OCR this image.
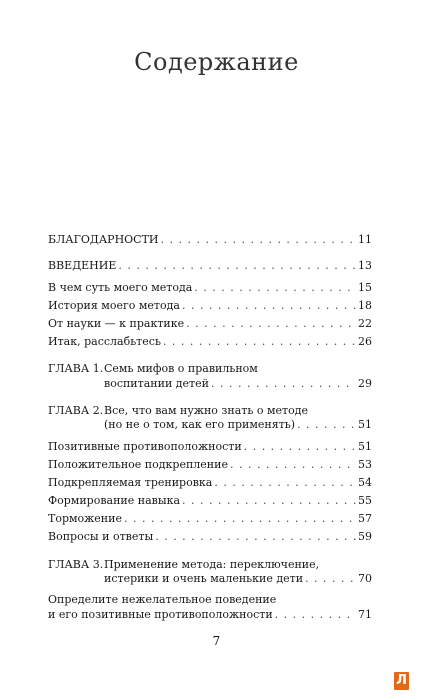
Содержание
БЛАГОДАРНОСТИ . . .	11
ВВЕДЕНИЕ . . .	13
В чем суть моего метода . . .	15
История моего метода . . .	18
От науки — к практике . . .	22
Итак, расслабьтесь . . .	26
ГЛАВА 1. Семь мифов о правильном
воспитании детей . . .	29
ГЛАВА 2. Все, что вам нужно знать о методе
(но не о том, как его применять) . . .	51
Позитивные противоположности . . .	51
Положительное подкрепление . . .	53
Подкрепляемая тренировка . . .	54
Формирование навыка . . .	55
Торможение . . .	57
Вопросы и ответы . . .	59
ГЛАВА 3. Применение метода: переключение,
истерики и очень маленькие дети . . .	70
Определите нежелательное поведение
и его позитивные противоположности . . .	71
7
Л
